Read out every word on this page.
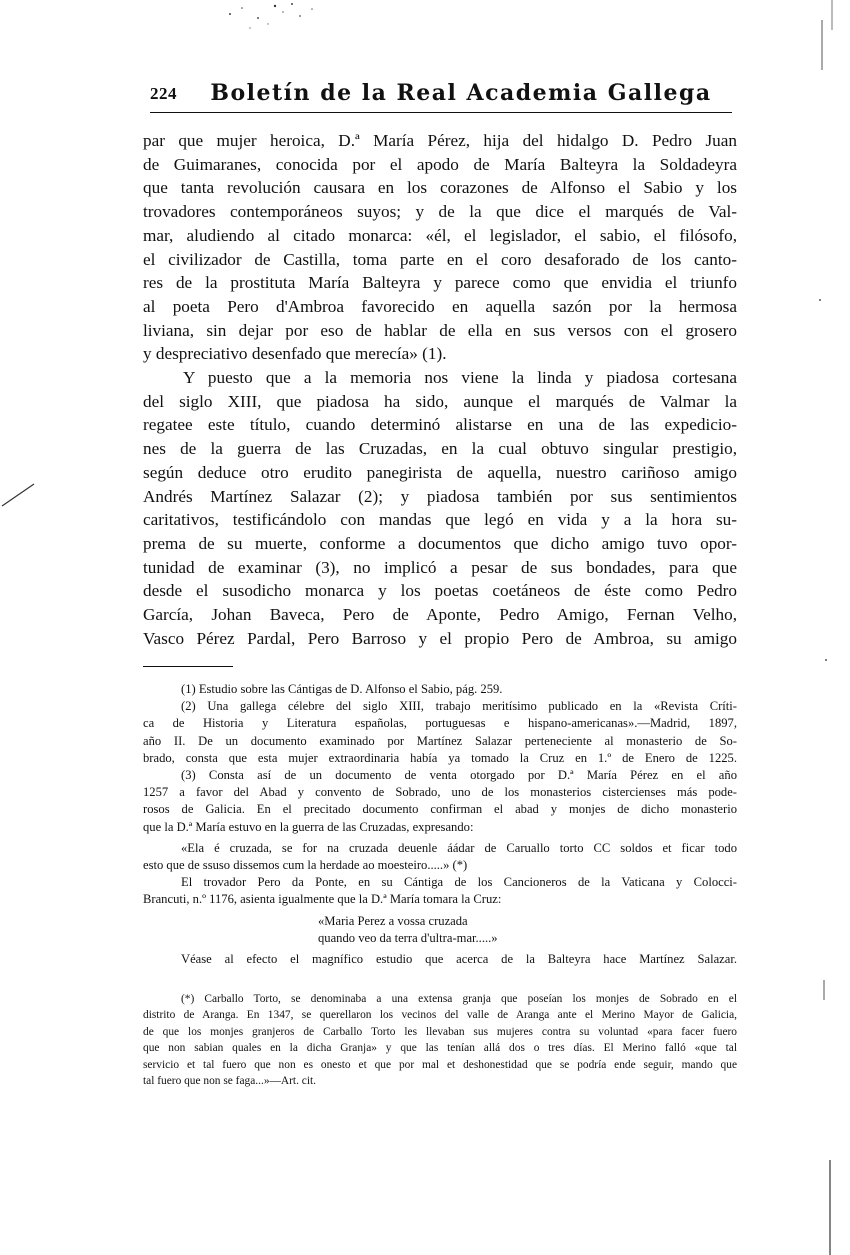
224	Boletín de la Real Academia Gallega
par que mujer heroica, D.ª María Pérez, hija del hidalgo D. Pedro Juan
de Guimaranes, conocida por el apodo de María Balteyra la Soldadeyra
que tanta revolución causara en los corazones de Alfonso el Sabio y los
trovadores contemporáneos suyos; y de la que dice el marqués de Val-
mar, aludiendo al citado monarca: «él, el legislador, el sabio, el filósofo,
el civilizador de Castilla, toma parte en el coro desaforado de los canto-
res de la prostituta María Balteyra y parece como que envidia el triunfo
al poeta Pero d'Ambroa favorecido en aquella sazón por la hermosa
liviana, sin dejar por eso de hablar de ella en sus versos con el grosero
y despreciativo desenfado que merecía» (1).
Y puesto que a la memoria nos viene la linda y piadosa cortesana
del siglo XIII, que piadosa ha sido, aunque el marqués de Valmar la
regatee este título, cuando determinó alistarse en una de las expedicio-
nes de la guerra de las Cruzadas, en la cual obtuvo singular prestigio,
según deduce otro erudito panegirista de aquella, nuestro cariñoso amigo
Andrés Martínez Salazar (2); y piadosa también por sus sentimientos
caritativos, testificándolo con mandas que legó en vida y a la hora su-
prema de su muerte, conforme a documentos que dicho amigo tuvo opor-
tunidad de examinar (3), no implicó a pesar de sus bondades, para que
desde el susodicho monarca y los poetas coetáneos de éste como Pedro
García, Johan Baveca, Pero de Aponte, Pedro Amigo, Fernan Velho,
Vasco Pérez Pardal, Pero Barroso y el propio Pero de Ambroa, su amigo
(1) Estudio sobre las Cántigas de D. Alfonso el Sabio, pág. 259.
(2) Una gallega célebre del siglo XIII, trabajo meritísimo publicado en la «Revista Críti-
ca de Historia y Literatura españolas, portuguesas e hispano-americanas».—Madrid, 1897,
año II. De un documento examinado por Martínez Salazar perteneciente al monasterio de So-
brado, consta que esta mujer extraordinaria había ya tomado la Cruz en 1.º de Enero de 1225.
(3) Consta así de un documento de venta otorgado por D.ª María Pérez en el año
1257 a favor del Abad y convento de Sobrado, uno de los monasterios cistercienses más pode-
rosos de Galicia. En el precitado documento confirman el abad y monjes de dicho monasterio
que la D.ª María estuvo en la guerra de las Cruzadas, expresando:
«Ela é cruzada, se for na cruzada deuenle áádar de Caruallo torto CC soldos et ficar todo
esto que de ssuso dissemos cum la herdade ao moesteiro.....» (*)
El trovador Pero da Ponte, en su Cántiga de los Cancioneros de la Vaticana y Colocci-
Brancuti, n.º 1176, asienta igualmente que la D.ª María tomara la Cruz:
«Maria Perez a vossa cruzada
quando veo da terra d'ultra-mar.....»
Véase al efecto el magnífico estudio que acerca de la Balteyra hace Martínez Salazar.
(*) Carballo Torto, se denominaba a una extensa granja que poseían los monjes de Sobrado en el
distrito de Aranga. En 1347, se querellaron los vecinos del valle de Aranga ante el Merino Mayor de Galicia,
de que los monjes granjeros de Carballo Torto les llevaban sus mujeres contra su voluntad «para facer fuero
que non sabian quales en la dicha Granja» y que las tenían allá dos o tres días. El Merino falló «que tal
servicio et tal fuero que non es onesto et que por mal et deshonestidad que se podría ende seguir, mando que
tal fuero que non se faga...»—Art. cit.
